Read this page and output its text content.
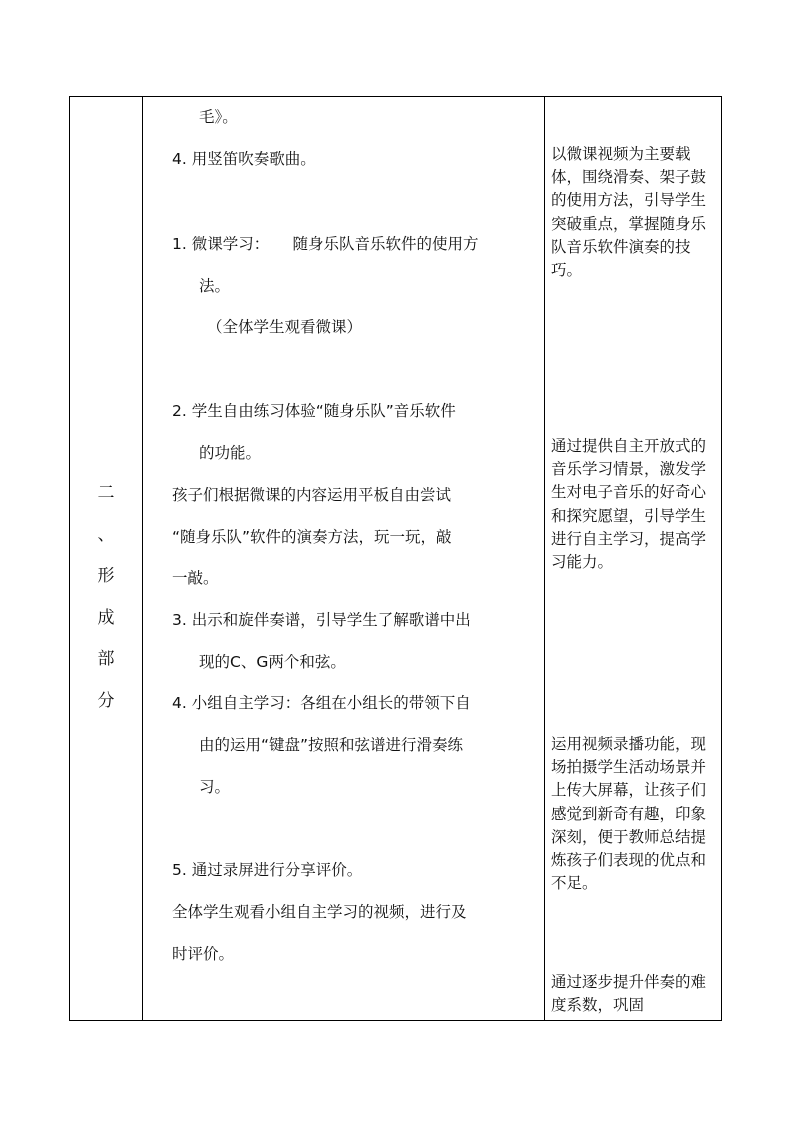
二
、
形
成
部
分
毛》。
4. 用竖笛吹奏歌曲。
1. 微课学习：　　随身乐队音乐软件的使用方
法。
（全体学生观看微课）
2. 学生自由练习体验“随身乐队”音乐软件
的功能。
孩子们根据微课的内容运用平板自由尝试
“随身乐队”软件的演奏方法，玩一玩，敲
一敲。
3. 出示和旋伴奏谱，引导学生了解歌谱中出
现的C、G两个和弦。
4. 小组自主学习：各组在小组长的带领下自
由的运用“键盘”按照和弦谱进行滑奏练
习。
5. 通过录屏进行分享评价。
全体学生观看小组自主学习的视频，进行及
时评价。
以微课视频为主要载体，围绕滑奏、架子鼓的使用方法，引导学生突破重点，掌握随身乐队音乐软件演奏的技巧。
通过提供自主开放式的音乐学习情景，激发学生对电子音乐的好奇心和探究愿望，引导学生进行自主学习，提高学习能力。
运用视频录播功能，现场拍摄学生活动场景并上传大屏幕，让孩子们感觉到新奇有趣，印象深刻，便于教师总结提炼孩子们表现的优点和不足。
通过逐步提升伴奏的难度系数，巩固
